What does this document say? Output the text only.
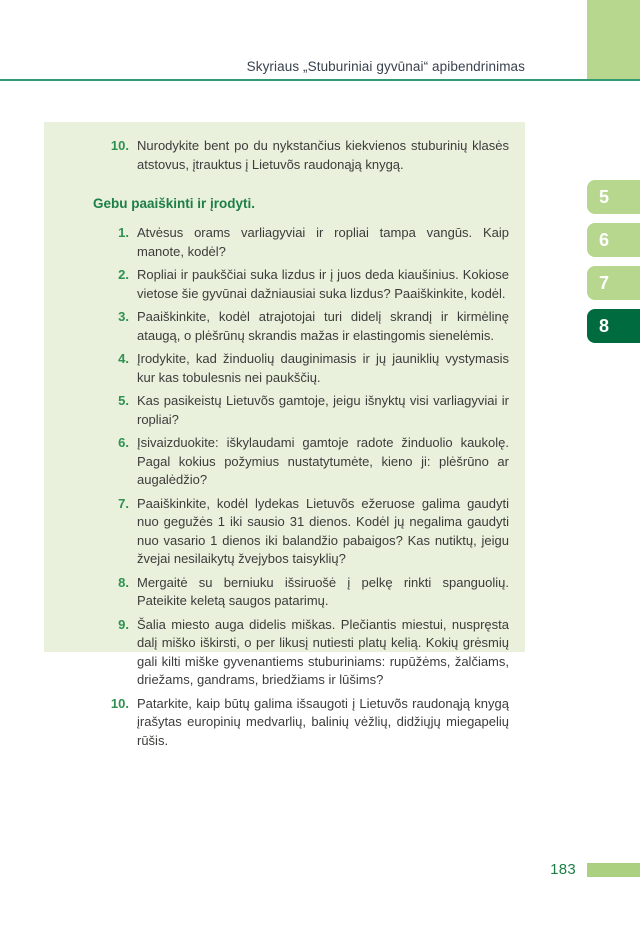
Skyriaus „Stuburiniai gyvūnai“ apibendrinimas
10. Nurodykite bent po du nykstančius kiekvienos stuburinių klasės atstovus, įtrauktus į Lietuvõs raudonąją knygą.
Gebu paaiškinti ir įrodyti.
1. Atvėsus orams varliagyviai ir ropliai tampa vangūs. Kaip manote, kodėl?
2. Ropliai ir paukščiai suka lizdus ir į juos deda kiaušinius. Kokiose vietose šie gyvūnai dažniausiai suka lizdus? Paaiškinkite, kodėl.
3. Paaiškinkite, kodėl atrajotojai turi didelį skrandį ir kirmėlinę ataugą, o plėšrūnų skrandis mažas ir elastingomis sienelėmis.
4. Įrodykite, kad žinduolių dauginimasis ir jų jauniklių vystymasis kur kas tobulesnis nei paukščių.
5. Kas pasikeistų Lietuvõs gamtoje, jeigu išnyktų visi varliagyviai ir ropliai?
6. Įsivaizduokite: iškylaudami gamtoje radote žinduolio kaukolę. Pagal kokius požymius nustatytumėte, kieno ji: plėšrūno ar augalėdžio?
7. Paaiškinkite, kodėl lydekas Lietuvõs ežeruose galima gaudyti nuo gegužės 1 iki sausio 31 dienos. Kodėl jų negalima gaudyti nuo vasario 1 dienos iki balandžio pabaigos? Kas nutiktų, jeigu žvejai nesilaikytų žvejybos taisyklių?
8. Mergaitė su berniuku išsiruošė į pelkę rinkti spanguolių. Pateikite keletą saugos patarimų.
9. Šalia miesto auga didelis miškas. Plečiantis miestui, nuspręsta dalį miško iškirsti, o per likusį nutiesti platų kelią. Kokių grėsmių gali kilti miške gyvenantiems stuburiniams: rupūžėms, žalčiams, driežams, gandrams, briedžiams ir lūšims?
10. Patarkite, kaip būtų galima išsaugoti į Lietuvõs raudonąją knygą įrašytas europinių medvarlių, balinių vėžlių, didžiųjų miegapelių rūšis.
5
6
7
8
183
